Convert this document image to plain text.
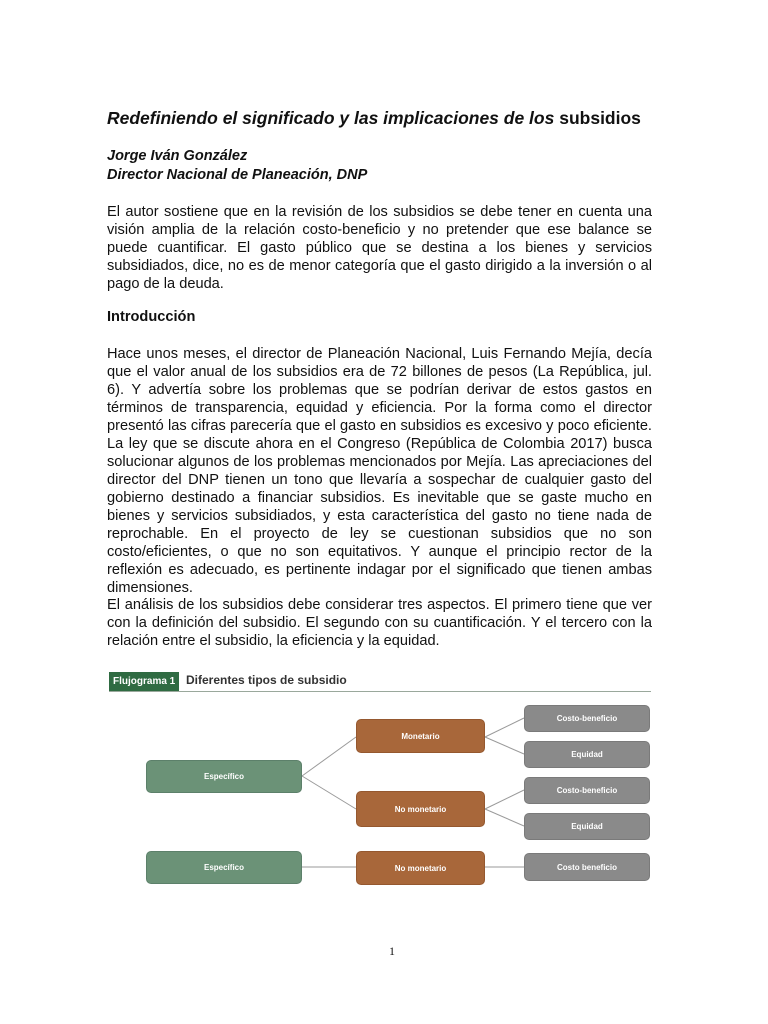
Redefiniendo el significado y las implicaciones de los subsidios
Jorge Iván González
Director Nacional de Planeación, DNP

El autor sostiene que en la revisión de los subsidios se debe tener en cuenta una visión amplia de la relación costo-beneficio y no pretender que ese balance se puede cuantificar. El gasto público que se destina a los bienes y servicios subsidiados, dice, no es de menor categoría que el gasto dirigido a la inversión o al pago de la deuda.

Introducción

Hace unos meses, el director de Planeación Nacional, Luis Fernando Mejía, decía que el valor anual de los subsidios era de 72 billones de pesos (La República, jul. 6). Y advertía sobre los problemas que se podrían derivar de estos gastos en términos de transparencia, equidad y eficiencia. Por la forma como el director presentó las cifras parecería que el gasto en subsidios es excesivo y poco eficiente. La ley que se discute ahora en el Congreso (República de Colombia 2017) busca solucionar algunos de los problemas mencionados por Mejía. Las apreciaciones del director del DNP tienen un tono que llevaría a sospechar de cualquier gasto del gobierno destinado a financiar subsidios. Es inevitable que se gaste mucho en bienes y servicios subsidiados, y esta característica del gasto no tiene nada de reprochable. En el proyecto de ley se cuestionan subsidios que no son costo/eficientes, o que no son equitativos. Y aunque el principio rector de la reflexión es adecuado, es pertinente indagar por el significado que tienen ambas dimensiones.

El análisis de los subsidios debe considerar tres aspectos. El primero tiene que ver con la definición del subsidio. El segundo con su cuantificación. Y el tercero con la relación entre el subsidio, la eficiencia y la equidad.

Flujograma 1 Diferentes tipos de subsidio
Específico
Monetario
No monetario
Costo-beneficio
Equidad
Costo-beneficio
Equidad
Específico	No monetario	Costo beneficio
1
